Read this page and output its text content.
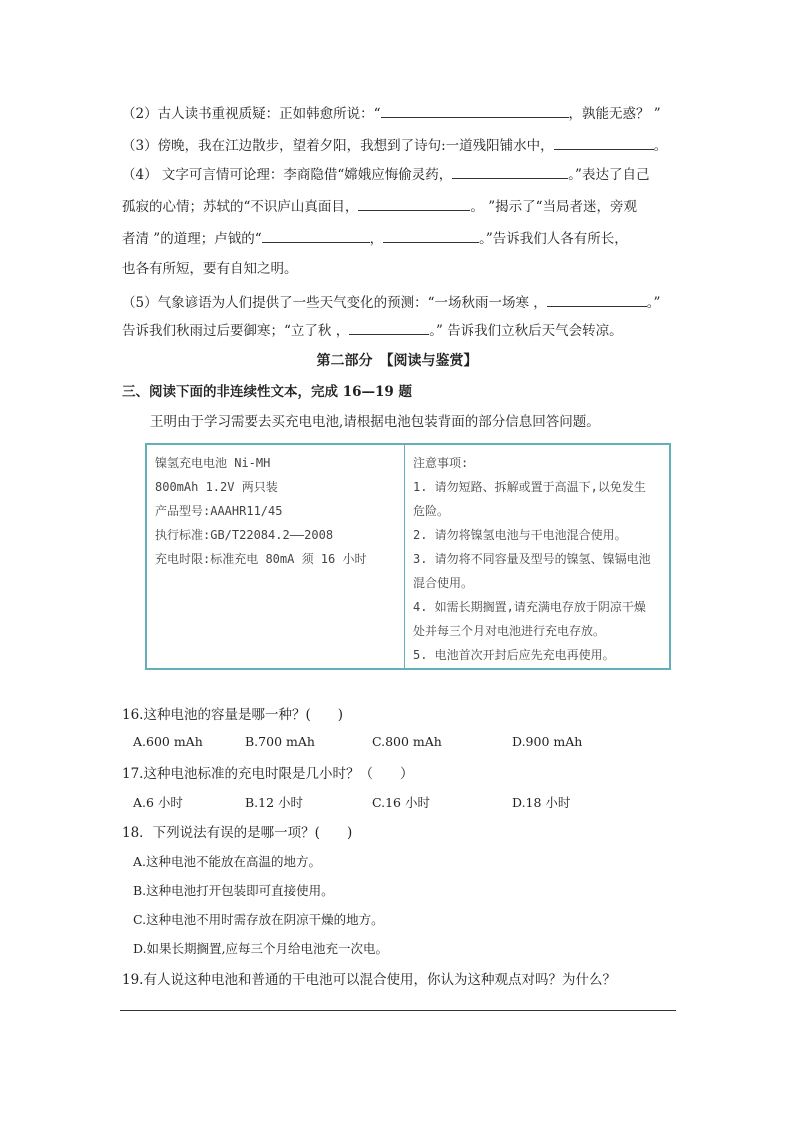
（2）古人读书重视质疑：正如韩愈所说：“	，孰能无惑？ ”
（3）傍晚，我在江边散步，望着夕阳，我想到了诗句:一道残阳铺水中，	。
（4） 文字可言情可论理：李商隐借“嫦娥应悔偷灵药，	。”表达了自己
孤寂的心情；苏轼的“不识庐山真面目，	。 ”揭示了“当局者迷，旁观
者清 ”的道理；卢钺的“	，	。”告诉我们人各有所长，
也各有所短，要有自知之明。
（5）气象谚语为人们提供了一些天气变化的预测：“一场秋雨一场寒 ，	。”
告诉我们秋雨过后要御寒；“立了秋 ，	。” 告诉我们立秋后天气会转凉。
第二部分　【阅读与鉴赏】
三、阅读下面的非连续性文本，完成 16—19 题
王明由于学习需要去买充电电池,请根据电池包装背面的部分信息回答问题。

镍氢充电电池 Ni-MH

800mAh 1.2V 两只装

产品型号:AAAHR11/45

执行标准:GB/T22084.2——2008

充电时限:标准充电 80mA 须 16 小时

注意事项:

1. 请勿短路、拆解或置于高温下,以免发生

危险。

2. 请勿将镍氢电池与干电池混合使用。

3. 请勿将不同容量及型号的镍氢、镍镉电池

混合使用。

4. 如需长期搁置,请充满电存放于阴凉干燥

处并每三个月对电池进行充电存放。

5. 电池首次开封后应先充电再使用。

16.这种电池的容量是哪一种？(　　)
A.600 mAh	B.700 mAh	C.800 mAh	D.900 mAh
17.这种电池标准的充电时限是几小时？（　　）
A.6 小时	B.12 小时	C.16 小时	D.18 小时
18．下列说法有误的是哪一项？(　　)
A.这种电池不能放在高温的地方。
B.这种电池打开包装即可直接使用。
C.这种电池不用时需存放在阴凉干燥的地方。
D.如果长期搁置,应每三个月给电池充一次电。
19.有人说这种电池和普通的干电池可以混合使用，你认为这种观点对吗？为什么？
